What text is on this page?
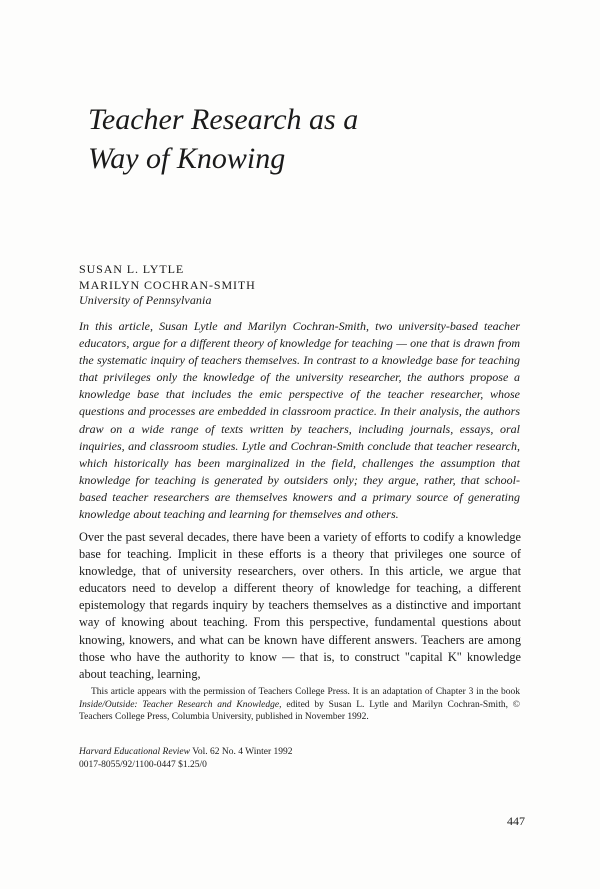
Teacher Research as a
Way of Knowing
SUSAN L. LYTLE
MARILYN COCHRAN-SMITH
University of Pennsylvania

In this article, Susan Lytle and Marilyn Cochran-Smith, two university-based teacher educators, argue for a different theory of knowledge for teaching — one that is drawn from the systematic inquiry of teachers themselves. In contrast to a knowledge base for teaching that privileges only the knowledge of the university researcher, the authors propose a knowledge base that includes the emic perspective of the teacher researcher, whose questions and processes are embedded in classroom practice. In their analysis, the authors draw on a wide range of texts written by teachers, including journals, essays, oral inquiries, and classroom studies. Lytle and Cochran-Smith conclude that teacher research, which historically has been marginalized in the field, challenges the assumption that knowledge for teaching is generated by outsiders only; they argue, rather, that school-based teacher researchers are themselves knowers and a primary source of generating knowledge about teaching and learning for themselves and others.

Over the past several decades, there have been a variety of efforts to codify a knowledge base for teaching. Implicit in these efforts is a theory that privileges one source of knowledge, that of university researchers, over others. In this article, we argue that educators need to develop a different theory of knowledge for teaching, a different epistemology that regards inquiry by teachers themselves as a distinctive and important way of knowing about teaching. From this perspective, fundamental questions about knowing, knowers, and what can be known have different answers. Teachers are among those who have the authority to know — that is, to construct "capital K" knowledge about teaching, learning,

This article appears with the permission of Teachers College Press. It is an adaptation of Chapter 3 in the book Inside/Outside: Teacher Research and Knowledge, edited by Susan L. Lytle and Marilyn Cochran-Smith, © Teachers College Press, Columbia University, published in November 1992.

Harvard Educational Review Vol. 62 No. 4 Winter 1992
0017-8055/92/1100-0447 $1.25/0
447
